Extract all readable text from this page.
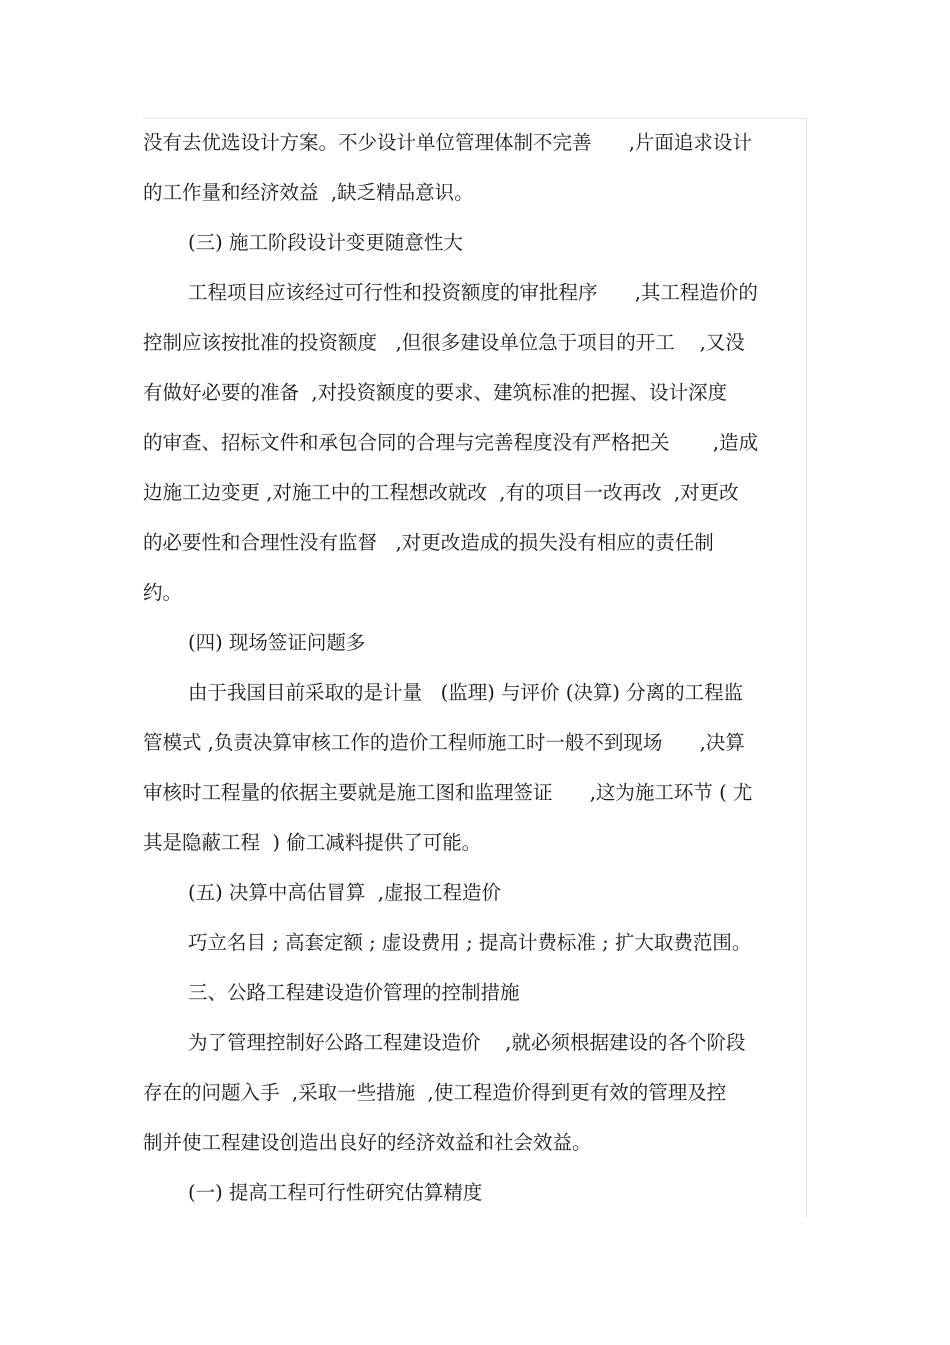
没有去优选设计方案。不少设计单位管理体制不完善      ,片面追求设计
的工作量和经济效益  ,缺乏精品意识。
(三) 施工阶段设计变更随意性大
工程项目应该经过可行性和投资额度的审批程序      ,其工程造价的
控制应该按批准的投资额度   ,但很多建设单位急于项目的开工    ,又没
有做好必要的准备  ,对投资额度的要求、建筑标准的把握、设计深度
的审查、招标文件和承包合同的合理与完善程度没有严格把关       ,造成
边施工边变更 ,对施工中的工程想改就改  ,有的项目一改再改  ,对更改
的必要性和合理性没有监督   ,对更改造成的损失没有相应的责任制
约。
(四) 现场签证问题多
由于我国目前采取的是计量   (监理) 与评价 (决算) 分离的工程监
管模式 ,负责决算审核工作的造价工程师施工时一般不到现场      ,决算
审核时工程量的依据主要就是施工图和监理签证      ,这为施工环节 ( 尤
其是隐蔽工程  ) 偷工减料提供了可能。
(五) 决算中高估冒算  ,虚报工程造价
巧立名目 ; 高套定额 ; 虚设费用 ; 提高计费标准 ; 扩大取费范围。
三、公路工程建设造价管理的控制措施
为了管理控制好公路工程建设造价    ,就必须根据建设的各个阶段
存在的问题入手  ,采取一些措施  ,使工程造价得到更有效的管理及控
制并使工程建设创造出良好的经济效益和社会效益。
(一) 提高工程可行性研究估算精度
